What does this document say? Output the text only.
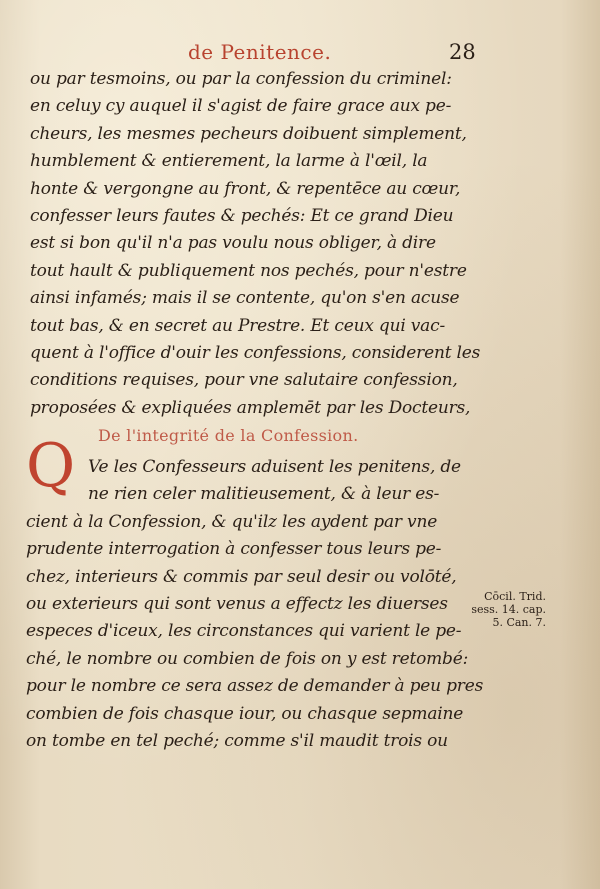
de Penitence.	28
ou par tesmoins, ou par la confession du criminel:
en celuy cy auquel il s'agist de faire grace aux pe-
cheurs, les mesmes pecheurs doibuent simplement,
humblement & entierement, la larme à l'œil, la
honte & vergongne au front, & repentēce au cœur,
confesser leurs fautes & pechés: Et ce grand Dieu
est si bon qu'il n'a pas voulu nous obliger, à dire
tout hault & publiquement nos pechés, pour n'estre
ainsi infamés; mais il se contente, qu'on s'en acuse
tout bas, & en secret au Prestre. Et ceux qui vac-
quent à l'office d'ouir les confessions, considerent les
conditions requises, pour vne salutaire confession,
proposées & expliquées amplemēt par les Docteurs,
De l'integrité de la Confession.
Q Ve les Confesseurs aduisent les penitens, de
ne rien celer malitieusement, & à leur es-
cient à la Confession, & qu'ilz les aydent par vne
prudente interrogation à confesser tous leurs pe-
chez, interieurs & commis par seul desir ou volōté,
ou exterieurs qui sont venus a effectz les diuerses
especes d'iceux, les circonstances qui varient le pe-
ché, le nombre ou combien de fois on y est retombé:
pour le nombre ce sera assez de demander à peu pres
combien de fois chasque iour, ou chasque sepmaine
on tombe en tel peché; comme s'il maudit trois ou
Cōcil. Trid.
sess. 14. cap.
5. Can. 7.
